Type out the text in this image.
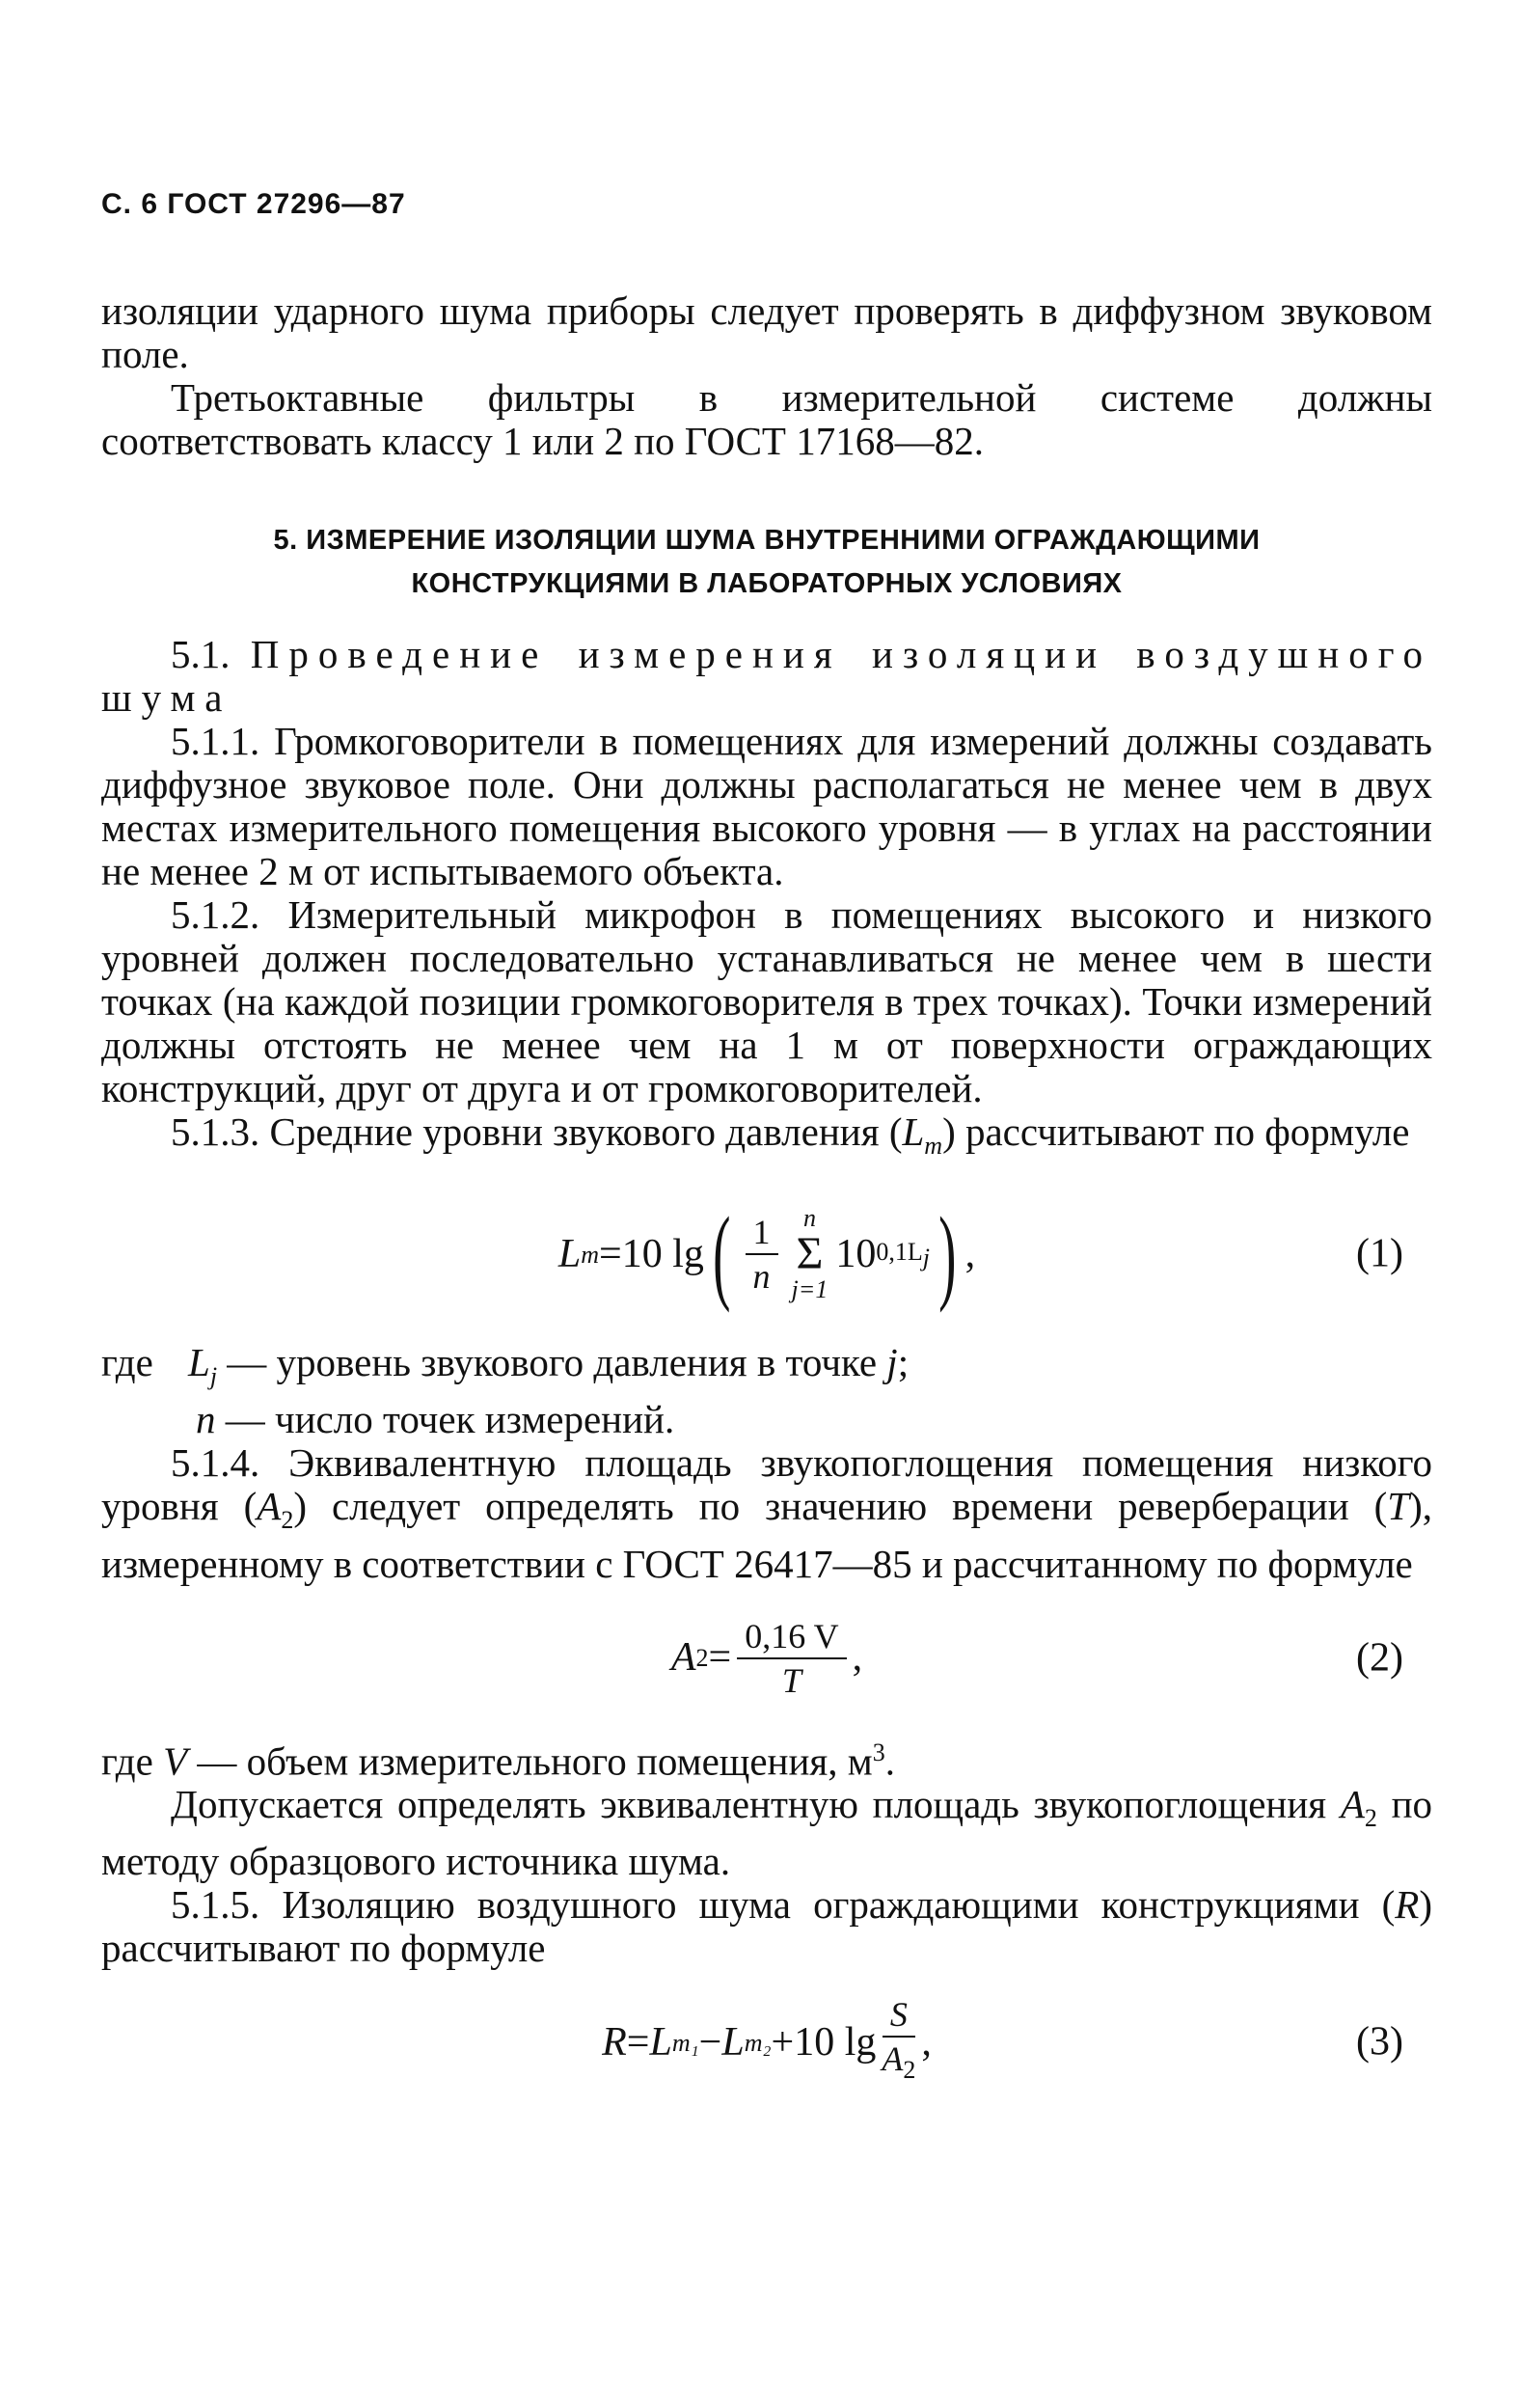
С. 6 ГОСТ 27296—87

изоляции ударного шума приборы следует проверять в диффузном звуковом поле.

Третьоктавные фильтры в измерительной системе должны соответствовать классу 1 или 2 по ГОСТ 17168—82.

5. ИЗМЕРЕНИЕ ИЗОЛЯЦИИ ШУМА ВНУТРЕННИМИ ОГРАЖДАЮЩИМИ
КОНСТРУКЦИЯМИ В ЛАБОРАТОРНЫХ УСЛОВИЯХ

5.1. Проведение измерения изоляции воздушного шума

5.1.1. Громкоговорители в помещениях для измерений должны создавать диффузное звуковое поле. Они должны располагаться не менее чем в двух местах измерительного помещения высокого уровня — в углах на расстоянии не менее 2 м от испытываемого объекта.

5.1.2. Измерительный микрофон в помещениях высокого и низкого уровней должен последовательно устанавливаться не менее чем в шести точках (на каждой позиции громкоговорителя в трех точках). Точки измерений должны отстоять не менее чем на 1 м от поверхности ограждающих конструкций, друг от друга и от громкоговорителей.

5.1.3. Средние уровни звукового давления $(L_m)$ рассчитывают по формуле

L m =10 lg ( $\frac{1}{n}$ n
Σ
j=1
10 $0,1L_j$ ) ,	(1)
где $L_j$ — уровень звукового давления в точке j;

n — число точек измерений.

5.1.4. Эквивалентную площадь звукопоглощения помещения низкого уровня $(A_2)$ следует определять по значению времени реверберации (T), измеренному в соответствии с ГОСТ 26417—85 и рассчитанному по формуле

A $2 = \frac{0,16 V}{T}$ ,	(2)

где V — объем измерительного помещения, $м^3$.

Допускается определять эквивалентную площадь звукопоглощения $A_2$ по методу образцового источника шума.

5.1.5. Изоляцию воздушного шума ограждающими конструкциями (R) рассчитывают по формуле

R = L m₁ − L m₂ +10 $\lg \frac{S}{A_2}$ ,	(3)
